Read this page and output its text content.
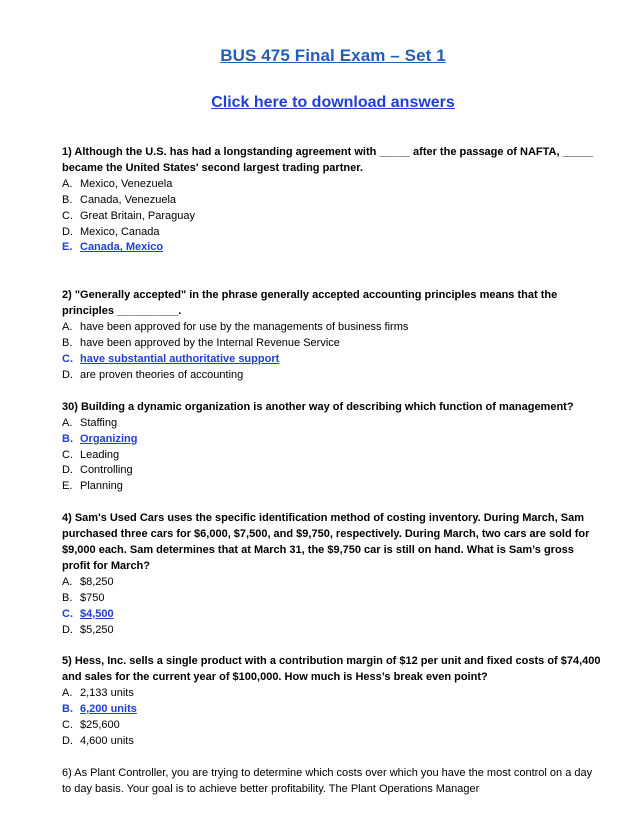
BUS 475 Final Exam – Set 1
Click here to download answers
1) Although the U.S. has had a longstanding agreement with _____ after the passage of NAFTA, _____ became the United States' second largest trading partner.
A. Mexico, Venezuela
B. Canada, Venezuela
C. Great Britain, Paraguay
D. Mexico, Canada
E. Canada, Mexico
2) "Generally accepted" in the phrase generally accepted accounting principles means that the principles __________.
A. have been approved for use by the managements of business firms
B. have been approved by the Internal Revenue Service
C. have substantial authoritative support
D. are proven theories of accounting
30) Building a dynamic organization is another way of describing which function of management?
A. Staffing
B. Organizing
C. Leading
D. Controlling
E. Planning
4) Sam's Used Cars uses the specific identification method of costing inventory. During March, Sam purchased three cars for $6,000, $7,500, and $9,750, respectively. During March, two cars are sold for $9,000 each. Sam determines that at March 31, the $9,750 car is still on hand. What is Sam’s gross profit for March?
A. $8,250
B. $750
C. $4,500
D. $5,250
5) Hess, Inc. sells a single product with a contribution margin of $12 per unit and fixed costs of $74,400 and sales for the current year of $100,000. How much is Hess’s break even point?
A. 2,133 units
B. 6,200 units
C. $25,600
D. 4,600 units
6) As Plant Controller, you are trying to determine which costs over which you have the most control on a day to day basis. Your goal is to achieve better profitability. The Plant Operations Manager
